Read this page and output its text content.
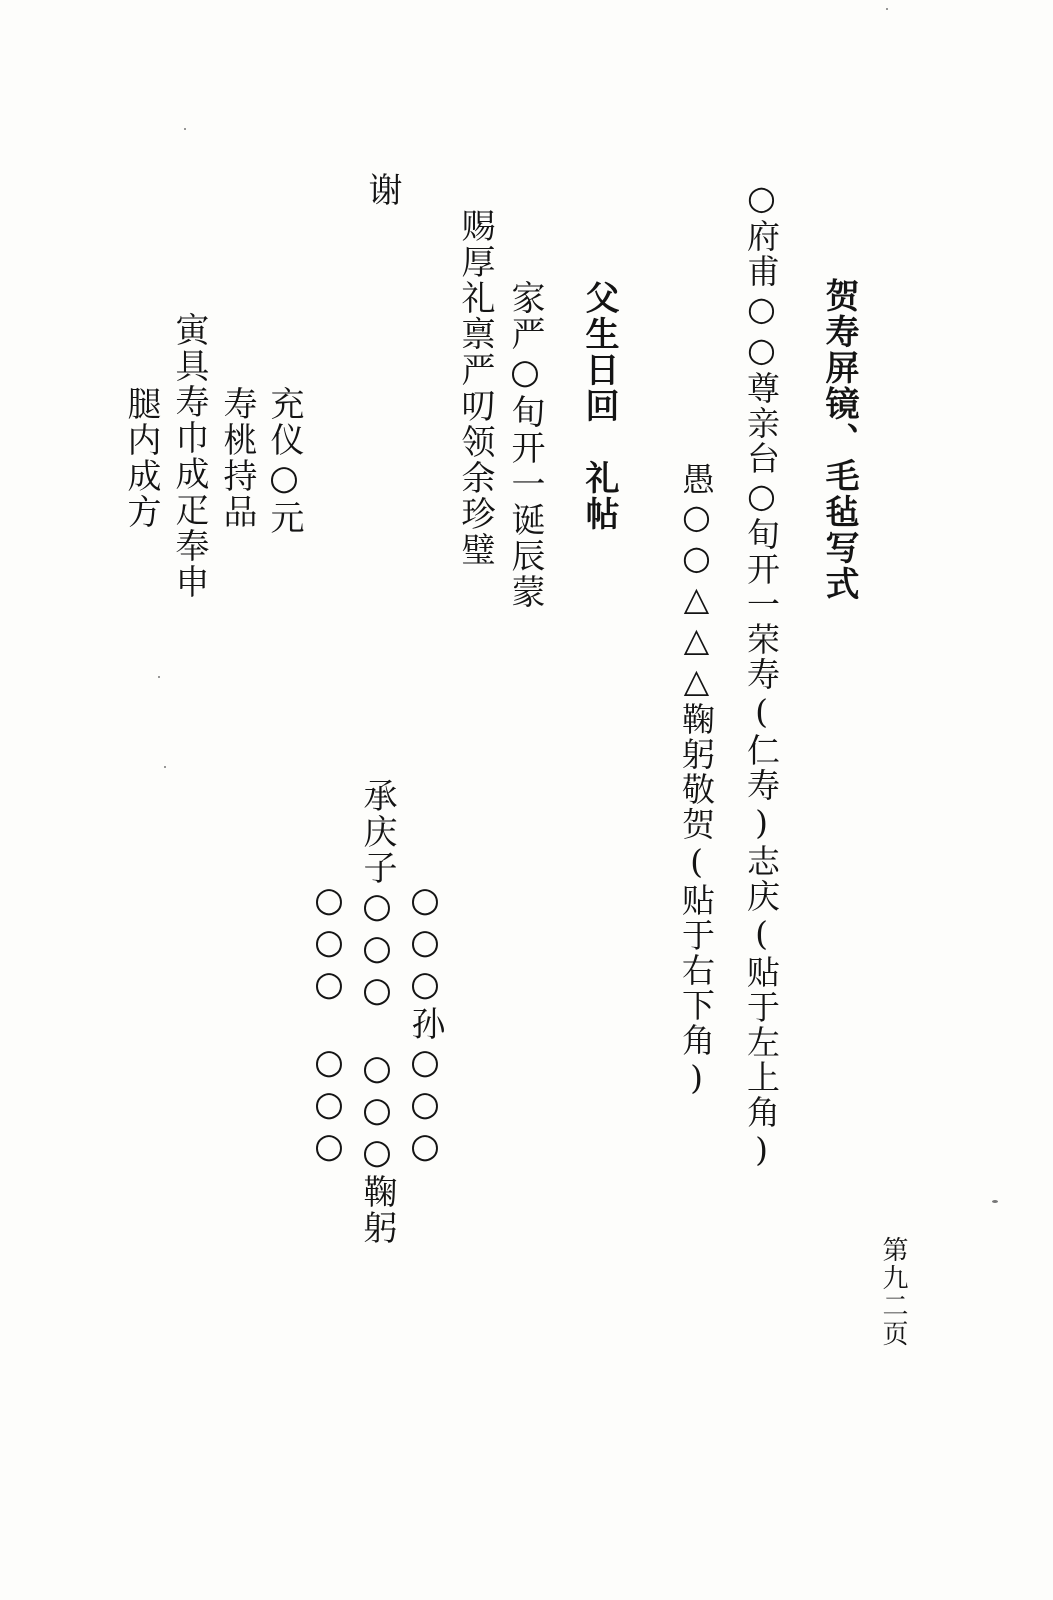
贺寿屏镜、毛毡写式
○府甫○○尊亲台○旬开一荣寿(仁寿)志庆(贴于左上角)
愚○○△△△鞠躬敬贺(贴于右下角)
父生日回　礼帖
家严○旬开一诞辰蒙
赐厚礼禀严叨领余珍璧
谢
充仪○元
寿桃持品
寅具寿巾成疋奉申
腿内成方
○○○孙○○○
承庆子○○○　○○○鞠躬
○○○　○○○
第九二页
